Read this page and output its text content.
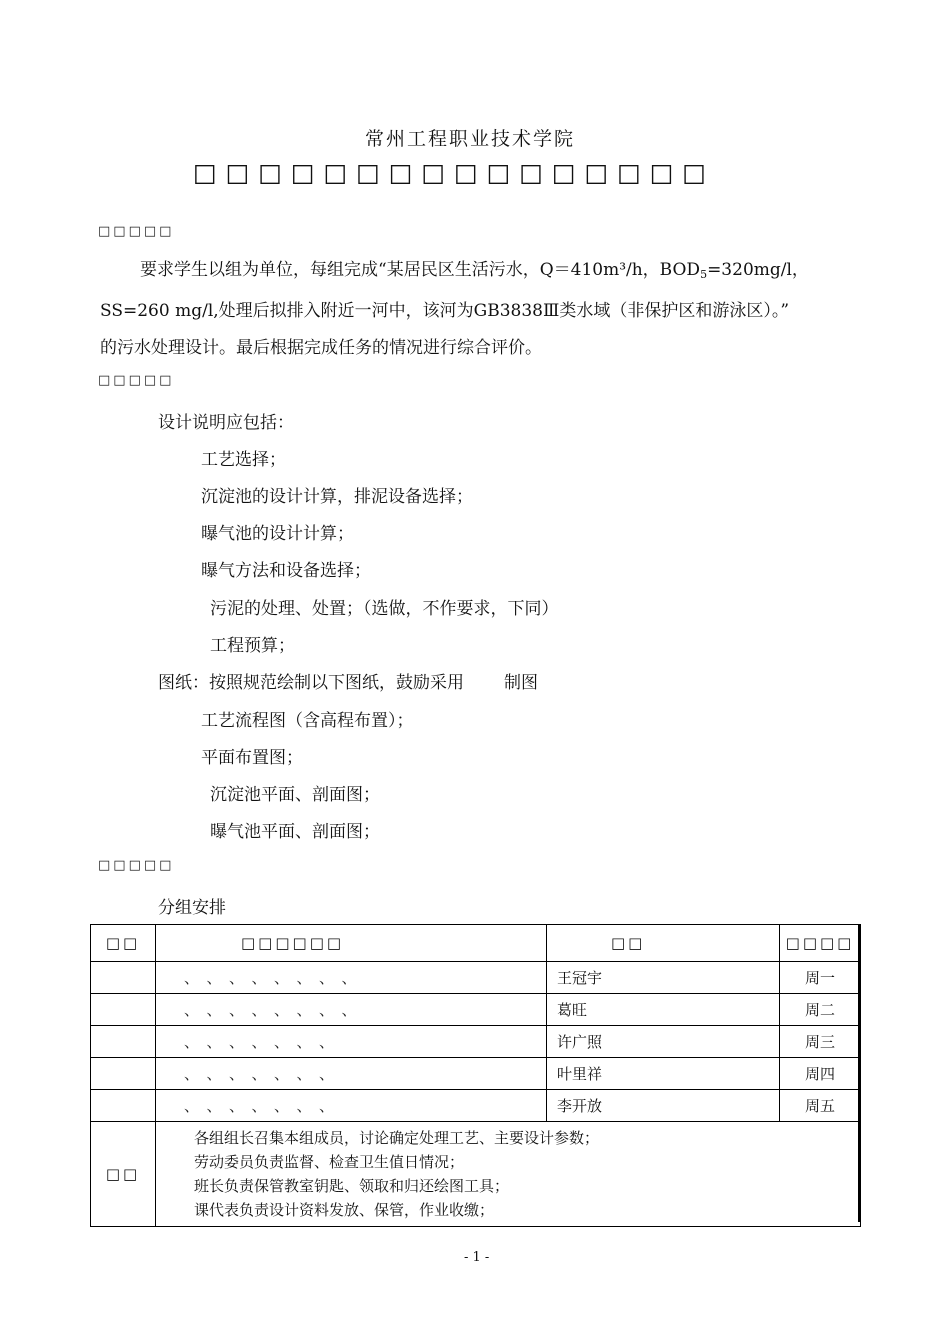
常州工程职业技术学院
□□□□□□□□□□□□□□□□
□□□□□
要求学生以组为单位，每组完成“某居民区生活污水，Q＝410m³/h，$BOD_5=320mg/l$，
SS=260 mg/l,处理后拟排入附近一河中，该河为GB3838Ⅲ类水域（非保护区和游泳区）。”
的污水处理设计。最后根据完成任务的情况进行综合评价。
□□□□□
设计说明应包括：
工艺选择；
沉淀池的设计计算，排泥设备选择；
曝气池的设计计算；
曝气方法和设备选择；
污泥的处理、处置；（选做，不作要求，下同）
工程预算；
图纸：按照规范绘制以下图纸，鼓励采用 制图
工艺流程图（含高程布置）；
平面布置图；
沉淀池平面、剖面图；
曝气池平面、剖面图；
□□□□□
分组安排
□□	□□□□□□	□□	□□□□
	、　、　、　、　、　、　、　、	王冠宇	周一
	、　、　、　、　、　、　、　、	葛旺	周二
	、　、　、　、　、　、　、	许广照	周三
	、　、　、　、　、　、　、	叶里祥	周四
	、　、　、　、　、　、　、	李开放	周五
□□	各组组长召集本组成员，讨论确定处理工艺、主要设计参数；
劳动委员负责监督、检查卫生值日情况；
班长负责保管教室钥匙、领取和归还绘图工具；
课代表负责设计资料发放、保管，作业收缴；		
- 1 -
